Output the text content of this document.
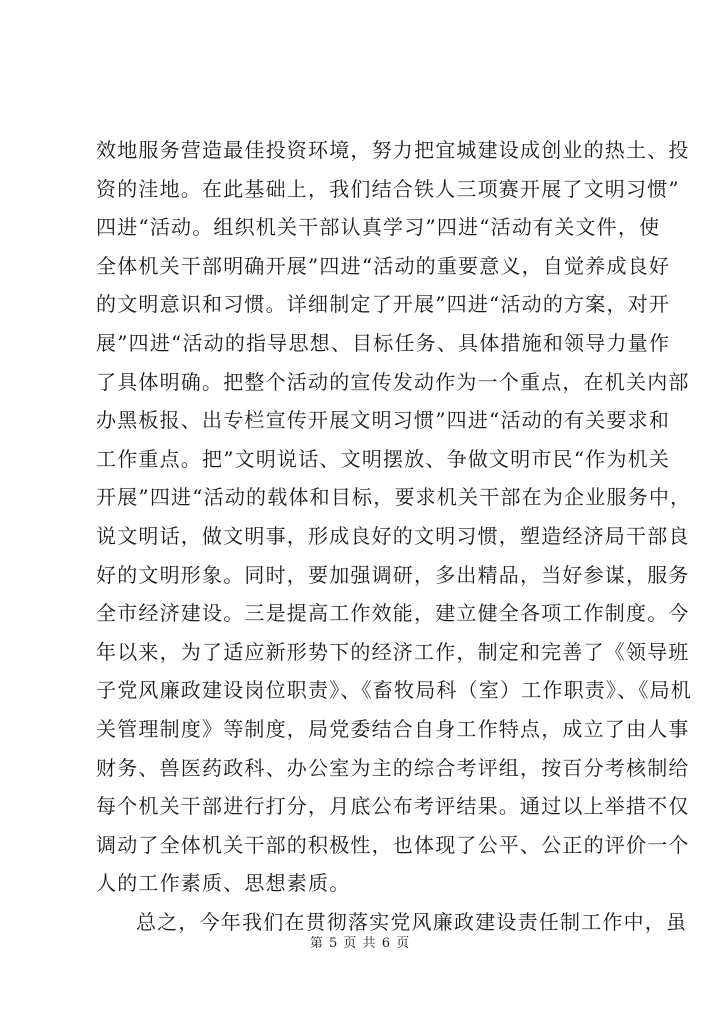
效地服务营造最佳投资环境，努力把宜城建设成创业的热土、投
资的洼地。在此基础上，我们结合铁人三项赛开展了文明习惯”
四进“活动。组织机关干部认真学习”四进“活动有关文件，使
全体机关干部明确开展”四进“活动的重要意义，自觉养成良好
的文明意识和习惯。详细制定了开展”四进“活动的方案，对开
展”四进“活动的指导思想、目标任务、具体措施和领导力量作
了具体明确。把整个活动的宣传发动作为一个重点，在机关内部
办黑板报、出专栏宣传开展文明习惯”四进“活动的有关要求和
工作重点。把”文明说话、文明摆放、争做文明市民“作为机关
开展”四进“活动的载体和目标，要求机关干部在为企业服务中，
说文明话，做文明事，形成良好的文明习惯，塑造经济局干部良
好的文明形象。同时，要加强调研，多出精品，当好参谋，服务
全市经济建设。三是提高工作效能，建立健全各项工作制度。今
年以来，为了适应新形势下的经济工作，制定和完善了《领导班
子党风廉政建设岗位职责》、《畜牧局科（室）工作职责》、《局机
关管理制度》等制度，局党委结合自身工作特点，成立了由人事
财务、兽医药政科、办公室为主的综合考评组，按百分考核制给
每个机关干部进行打分，月底公布考评结果。通过以上举措不仅
调动了全体机关干部的积极性，也体现了公平、公正的评价一个
人的工作素质、思想素质。
总之，今年我们在贯彻落实党风廉政建设责任制工作中，虽
第 5 页 共 6 页
